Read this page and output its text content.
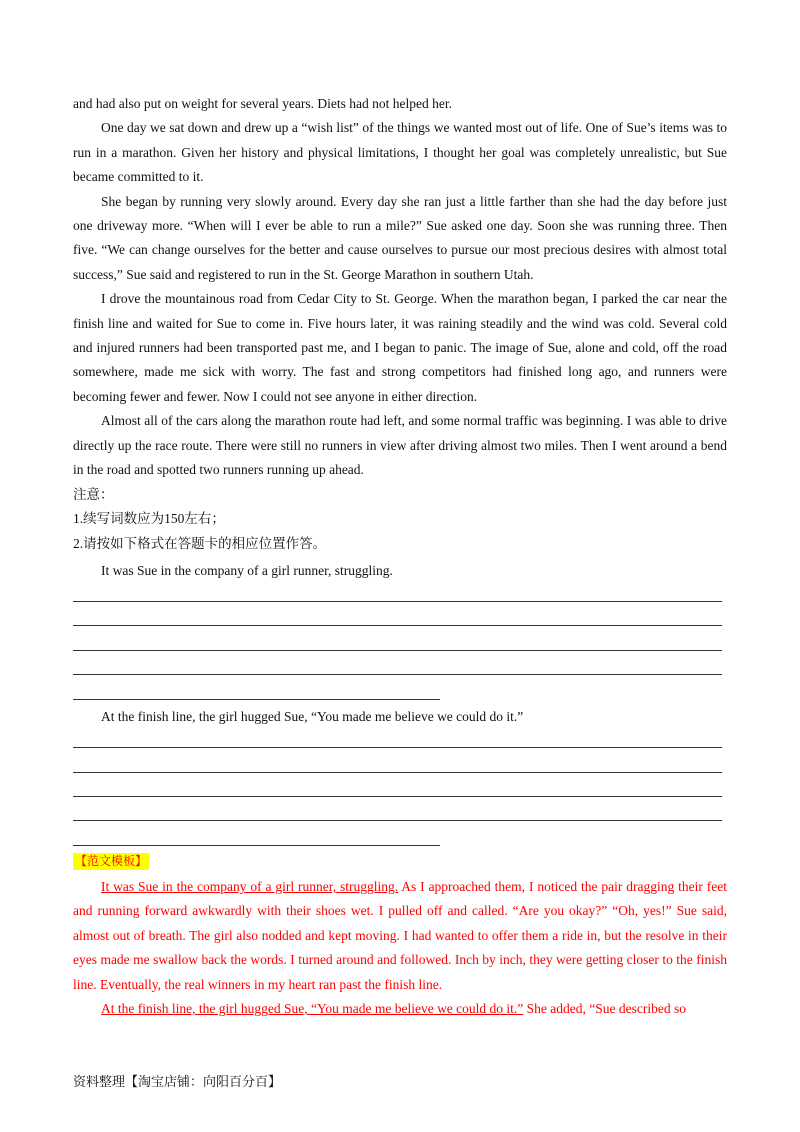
and had also put on weight for several years. Diets had not helped her.

One day we sat down and drew up a “wish list” of the things we wanted most out of life. One of Sue’s items was to run in a marathon. Given her history and physical limitations, I thought her goal was completely unrealistic, but Sue became committed to it.

She began by running very slowly around. Every day she ran just a little farther than she had the day before just one driveway more. “When will I ever be able to run a mile?” Sue asked one day. Soon she was running three. Then five. “We can change ourselves for the better and cause ourselves to pursue our most precious desires with almost total success,” Sue said and registered to run in the St. George Marathon in southern Utah.

I drove the mountainous road from Cedar City to St. George. When the marathon began, I parked the car near the finish line and waited for Sue to come in. Five hours later, it was raining steadily and the wind was cold. Several cold and injured runners had been transported past me, and I began to panic. The image of Sue, alone and cold, off the road somewhere, made me sick with worry. The fast and strong competitors had finished long ago, and runners were becoming fewer and fewer. Now I could not see anyone in either direction.

Almost all of the cars along the marathon route had left, and some normal traffic was beginning. I was able to drive directly up the race route. There were still no runners in view after driving almost two miles. Then I went around a bend in the road and spotted two runners running up ahead.

注意：

1.续写词数应为150左右；

2.请按如下格式在答题卡的相应位置作答。

It was Sue in the company of a girl runner, struggling.
At the finish line, the girl hugged Sue, “You made me believe we could do it.”
【范文模板】

It was Sue in the company of a girl runner, struggling. As I approached them, I noticed the pair dragging their feet and running forward awkwardly with their shoes wet. I pulled off and called. “Are you okay?” “Oh, yes!” Sue said, almost out of breath. The girl also nodded and kept moving. I had wanted to offer them a ride in, but the resolve in their eyes made me swallow back the words. I turned around and followed. Inch by inch, they were getting closer to the finish line. Eventually, the real winners in my heart ran past the finish line.

At the finish line, the girl hugged Sue, “You made me believe we could do it.” She added, “Sue described so

资料整理【淘宝店铺：向阳百分百】
